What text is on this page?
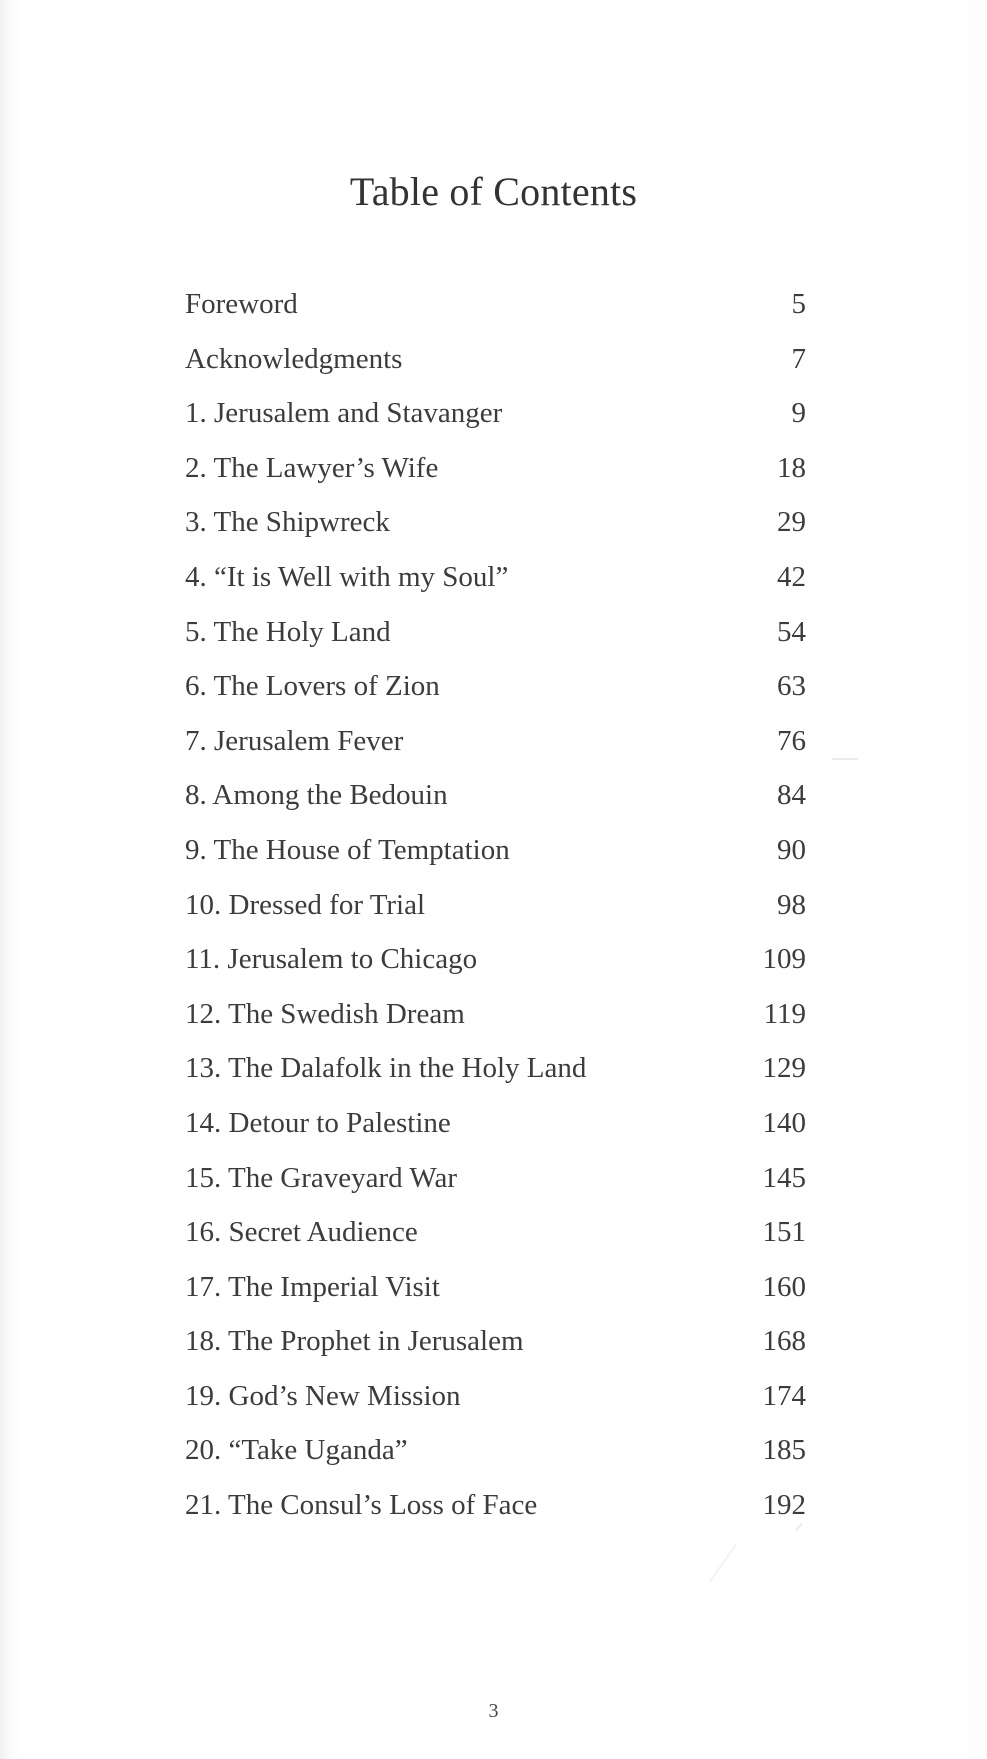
Table of Contents
Foreword	5
Acknowledgments	7
1. Jerusalem and Stavanger	9
2. The Lawyer’s Wife	18
3. The Shipwreck	29
4. “It is Well with my Soul”	42
5. The Holy Land	54
6. The Lovers of Zion	63
7. Jerusalem Fever	76
8. Among the Bedouin	84
9. The House of Temptation	90
10. Dressed for Trial	98
11. Jerusalem to Chicago	109
12. The Swedish Dream	119
13. The Dalafolk in the Holy Land	129
14. Detour to Palestine	140
15. The Graveyard War	145
16. Secret Audience	151
17. The Imperial Visit	160
18. The Prophet in Jerusalem	168
19. God’s New Mission	174
20. “Take Uganda”	185
21. The Consul’s Loss of Face	192
3
